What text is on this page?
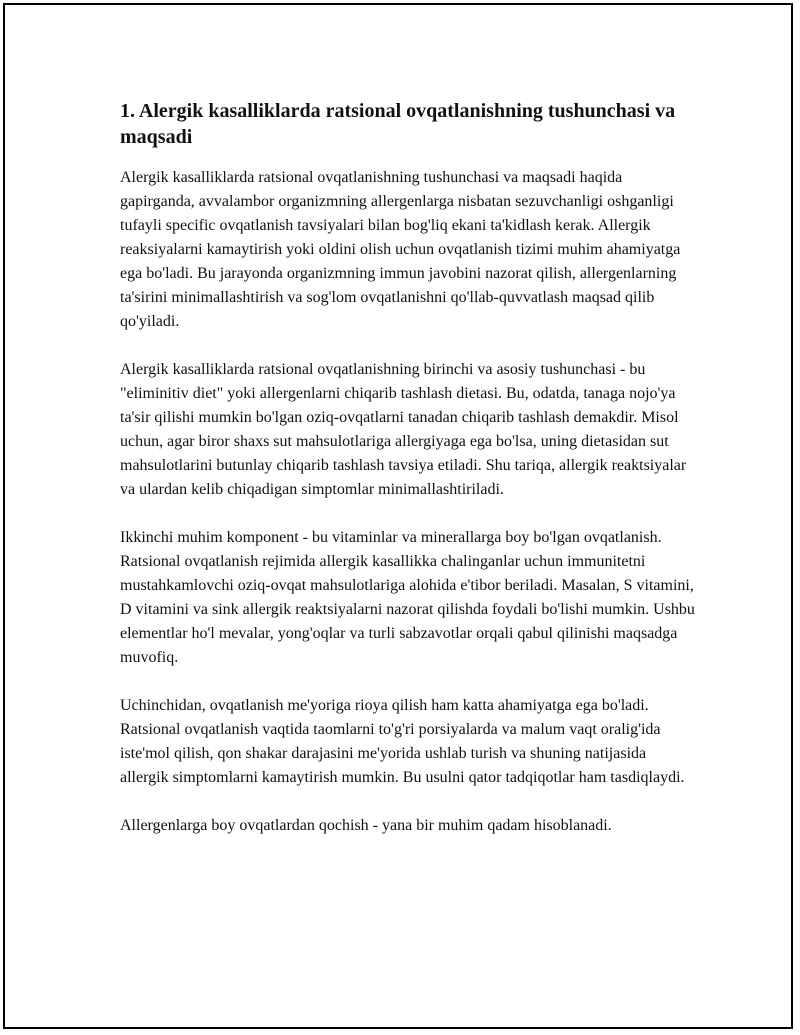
1. Alergik kasalliklarda ratsional ovqatlanishning tushunchasi va maqsadi

Alergik kasalliklarda ratsional ovqatlanishning tushunchasi va maqsadi haqida gapirganda, avvalambor organizmning allergenlarga nisbatan sezuvchanligi oshganligi tufayli specific ovqatlanish tavsiyalari bilan bog'liq ekani ta'kidlash kerak. Allergik reaksiyalarni kamaytirish yoki oldini olish uchun ovqatlanish tizimi muhim ahamiyatga ega bo'ladi. Bu jarayonda organizmning immun javobini nazorat qilish, allergenlarning ta'sirini minimallashtirish va sog'lom ovqatlanishni qo'llab-quvvatlash maqsad qilib qo'yiladi.

Alergik kasalliklarda ratsional ovqatlanishning birinchi va asosiy tushunchasi - bu "eliminitiv diet" yoki allergenlarni chiqarib tashlash dietasi. Bu, odatda, tanaga nojo'ya ta'sir qilishi mumkin bo'lgan oziq-ovqatlarni tanadan chiqarib tashlash demakdir. Misol uchun, agar biror shaxs sut mahsulotlariga allergiyaga ega bo'lsa, uning dietasidan sut mahsulotlarini butunlay chiqarib tashlash tavsiya etiladi. Shu tariqa, allergik reaktsiyalar va ulardan kelib chiqadigan simptomlar minimallashtiriladi.

Ikkinchi muhim komponent - bu vitaminlar va minerallarga boy bo'lgan ovqatlanish. Ratsional ovqatlanish rejimida allergik kasallikka chalinganlar uchun immunitetni mustahkamlovchi oziq-ovqat mahsulotlariga alohida e'tibor beriladi. Masalan, S vitamini, D vitamini va sink allergik reaktsiyalarni nazorat qilishda foydali bo'lishi mumkin. Ushbu elementlar ho'l mevalar, yong'oqlar va turli sabzavotlar orqali qabul qilinishi maqsadga muvofiq.

Uchinchidan, ovqatlanish me'yoriga rioya qilish ham katta ahamiyatga ega bo'ladi. Ratsional ovqatlanish vaqtida taomlarni to'g'ri porsiyalarda va malum vaqt oralig'ida iste'mol qilish, qon shakar darajasini me'yorida ushlab turish va shuning natijasida allergik simptomlarni kamaytirish mumkin. Bu usulni qator tadqiqotlar ham tasdiqlaydi.

Allergenlarga boy ovqatlardan qochish - yana bir muhim qadam hisoblanadi.
